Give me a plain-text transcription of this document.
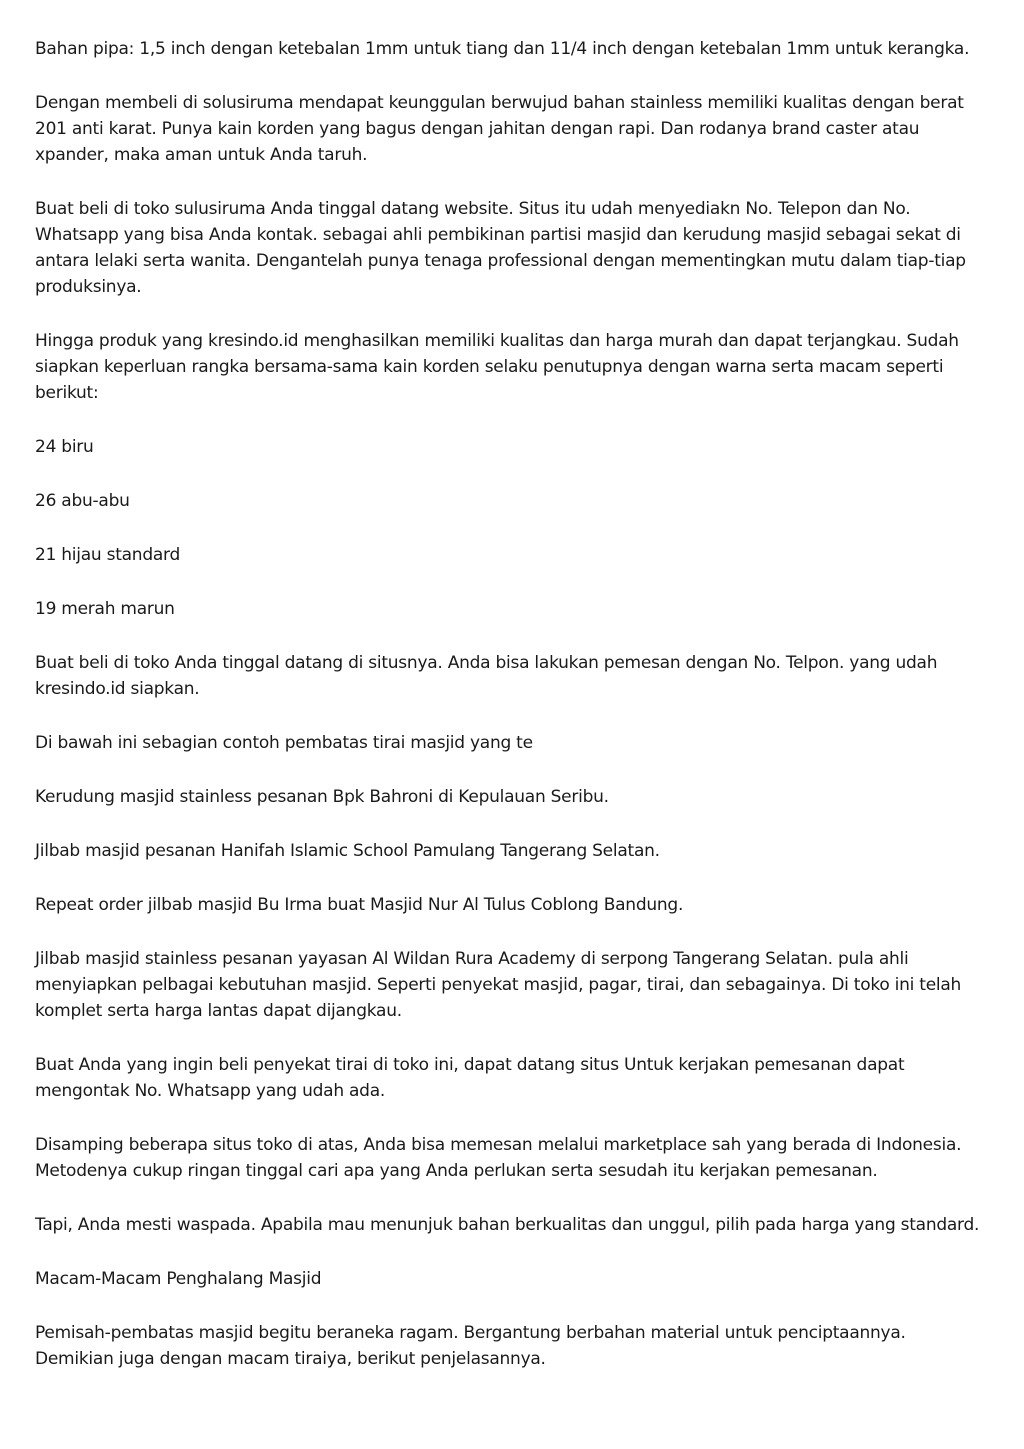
Bahan pipa: 1,5 inch dengan ketebalan 1mm untuk tiang dan 11/4 inch dengan ketebalan 1mm untuk kerangka.

Dengan membeli di solusiruma mendapat keunggulan berwujud bahan stainless memiliki kualitas dengan berat 201 anti karat. Punya kain korden yang bagus dengan jahitan dengan rapi. Dan rodanya brand caster atau xpander, maka aman untuk Anda taruh.

Buat beli di toko sulusiruma Anda tinggal datang website. Situs itu udah menyediakn No. Telepon dan No. Whatsapp yang bisa Anda kontak. sebagai ahli pembikinan partisi masjid dan kerudung masjid sebagai sekat di antara lelaki serta wanita. Dengantelah punya tenaga professional dengan mementingkan mutu dalam tiap-tiap produksinya.

Hingga produk yang kresindo.id menghasilkan memiliki kualitas dan harga murah dan dapat terjangkau. Sudah siapkan keperluan rangka bersama-sama kain korden selaku penutupnya dengan warna serta macam seperti berikut:

24 biru

26 abu-abu

21 hijau standard

19 merah marun

Buat beli di toko Anda tinggal datang di situsnya. Anda bisa lakukan pemesan dengan No. Telpon. yang udah kresindo.id siapkan.

Di bawah ini sebagian contoh pembatas tirai masjid yang te

Kerudung masjid stainless pesanan Bpk Bahroni di Kepulauan Seribu.

Jilbab masjid pesanan Hanifah Islamic School Pamulang Tangerang Selatan.

Repeat order jilbab masjid Bu Irma buat Masjid Nur Al Tulus Coblong Bandung.

Jilbab masjid stainless pesanan yayasan Al Wildan Rura Academy di serpong Tangerang Selatan. pula ahli menyiapkan pelbagai kebutuhan masjid. Seperti penyekat masjid, pagar, tirai, dan sebagainya. Di toko ini telah komplet serta harga lantas dapat dijangkau.

Buat Anda yang ingin beli penyekat tirai di toko ini, dapat datang situs Untuk kerjakan pemesanan dapat mengontak No. Whatsapp yang udah ada.

Disamping beberapa situs toko di atas, Anda bisa memesan melalui marketplace sah yang berada di Indonesia. Metodenya cukup ringan tinggal cari apa yang Anda perlukan serta sesudah itu kerjakan pemesanan.

Tapi, Anda mesti waspada. Apabila mau menunjuk bahan berkualitas dan unggul, pilih pada harga yang standard.

Macam-Macam Penghalang Masjid

Pemisah-pembatas masjid begitu beraneka ragam. Bergantung berbahan material untuk penciptaannya. Demikian juga dengan macam tiraiya, berikut penjelasannya.
